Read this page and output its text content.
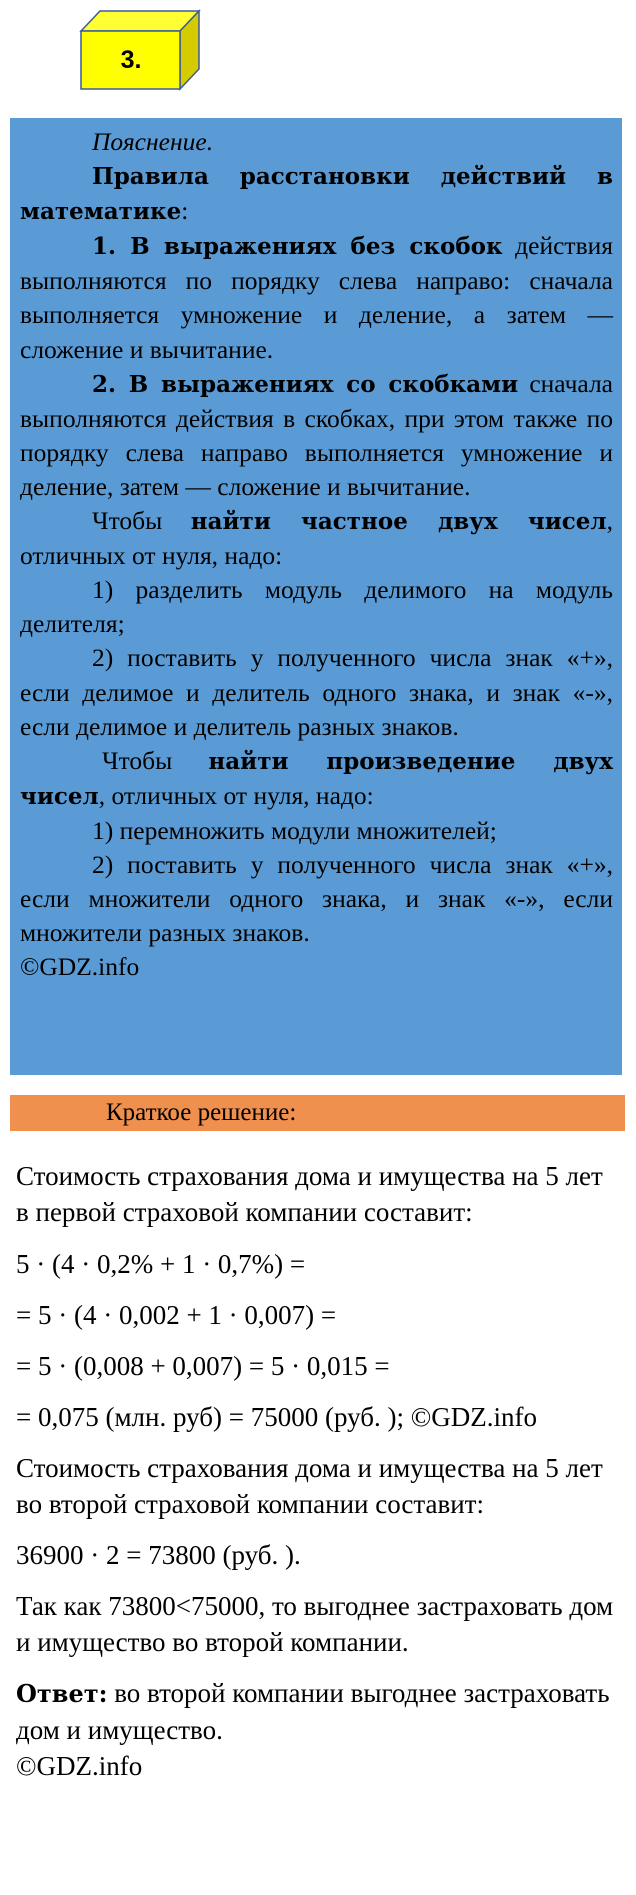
3.

Пояснение.

Правила расстановки действий в математике:

1. В выражениях без скобок действия выполняются по порядку слева направо: сначала выполняется умножение и деление, а затем — сложение и вычитание.

2. В выражениях со скобками сначала выполняются действия в скобках, при этом также по порядку слева направо выполняется умножение и деление, затем — сложение и вычитание.

Чтобы найти частное двух чисел, отличных от нуля, надо:

1) разделить модуль делимого на модуль делителя;

2) поставить у полученного числа знак «+», если делимое и делитель одного знака, и знак «-», если делимое и делитель разных знаков.

Чтобы найти произведение двух чисел, отличных от нуля, надо:

1) перемножить модули множителей;

2) поставить у полученного числа знак «+», если множители одного знака, и знак «-», если множители разных знаков.

©GDZ.info

Краткое решение:

Стоимость страхования дома и имущества на 5 лет в первой страховой компании составит:

5 · (4 · 0,2% + 1 · 0,7%) =

= 5 · (4 · 0,002 + 1 · 0,007) =

= 5 · (0,008 + 0,007) = 5 · 0,015 =

= 0,075 (млн. руб) = 75000 (руб. ); ©GDZ.info

Стоимость страхования дома и имущества на 5 лет во второй страховой компании составит:

36900 · 2 = 73800 (руб. ).

Так как 73800<75000, то выгоднее застраховать дом и имущество во второй компании.

Ответ: во второй компании выгоднее застраховать дом и имущество.

©GDZ.info
